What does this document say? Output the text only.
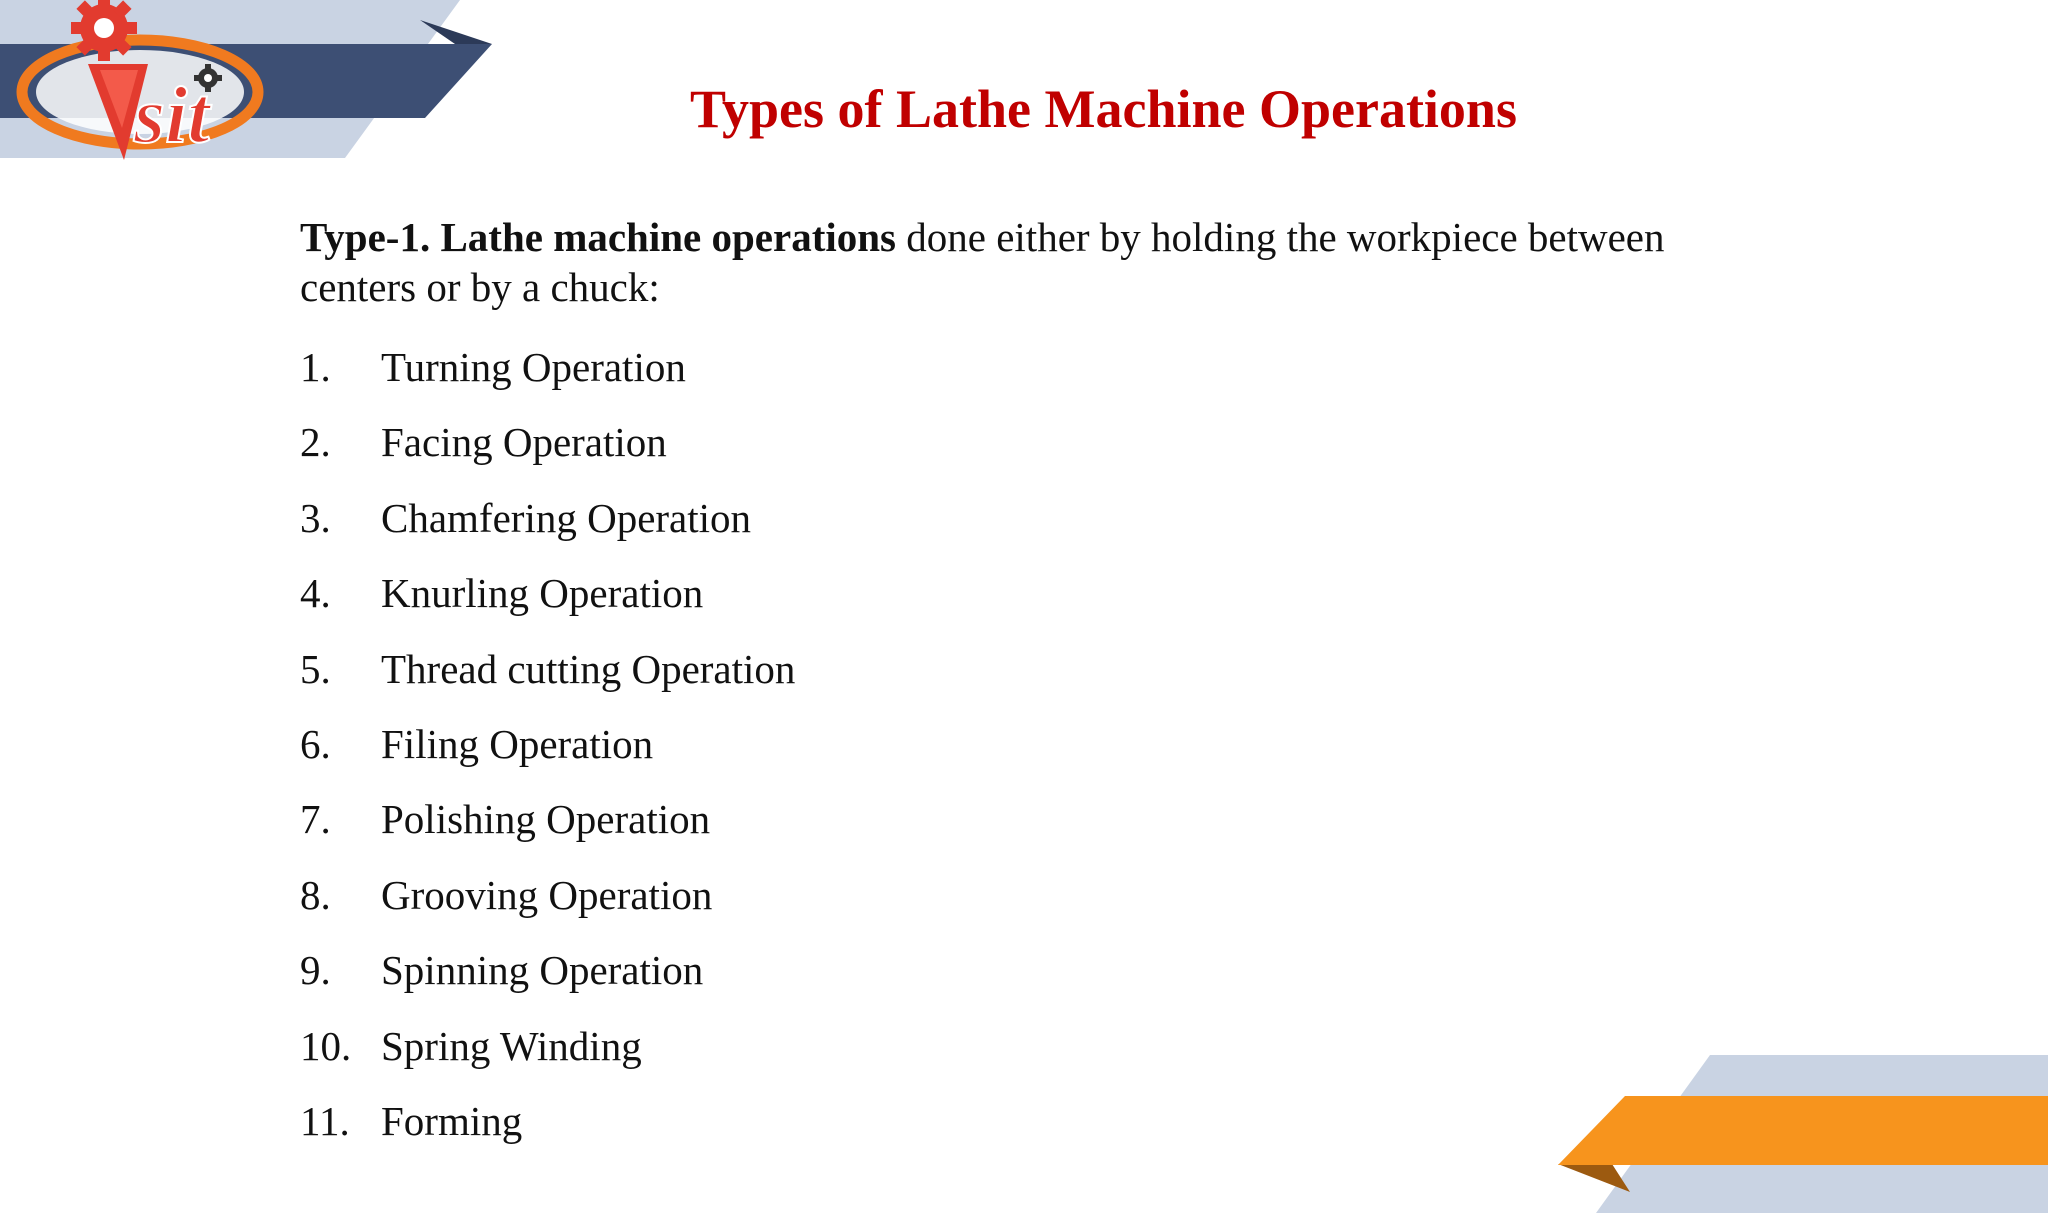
sit	Types of Lathe Machine Operations

Type-1. Lathe machine operations done either by holding the workpiece between centers or by a chuck:

1.	Turning Operation
2.	Facing Operation
3.	Chamfering Operation
4.	Knurling Operation
5.	Thread cutting Operation
6.	Filing Operation
7.	Polishing Operation
8.	Grooving Operation
9.	Spinning Operation
10. Spring Winding
11. Forming
